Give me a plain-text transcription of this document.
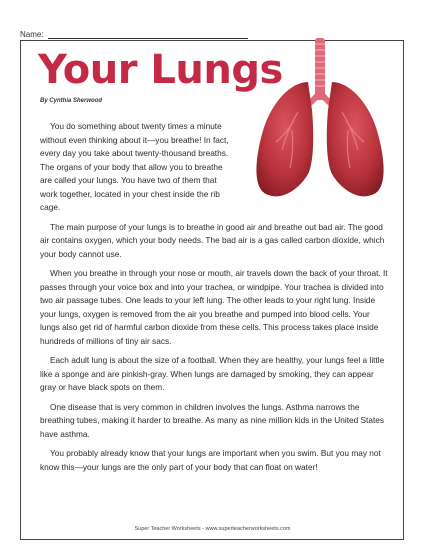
Name:
Your Lungs
By Cynthia Sherwood

You do something about twenty times a minute without even thinking about it—you breathe! In fact, every day you take about twenty-thousand breaths. The organs of your body that allow you to breathe are called your lungs. You have two of them that work together, located in your chest inside the rib cage.

The main purpose of your lungs is to breathe in good air and breathe out bad air. The good air contains oxygen, which your body needs. The bad air is a gas called carbon dioxide, which your body cannot use.

When you breathe in through your nose or mouth, air travels down the back of your throat. It passes through your voice box and into your trachea, or windpipe. Your trachea is divided into two air passage tubes. One leads to your left lung. The other leads to your right lung. Inside your lungs, oxygen is removed from the air you breathe and pumped into blood cells. Your lungs also get rid of harmful carbon dioxide from these cells. This process takes place inside hundreds of millions of tiny air sacs.

Each adult lung is about the size of a football. When they are healthy, your lungs feel a little like a sponge and are pinkish-gray. When lungs are damaged by smoking, they can appear gray or have black spots on them.

One disease that is very common in children involves the lungs. Asthma narrows the breathing tubes, making it harder to breathe. As many as nine million kids in the United States have asthma.

You probably already know that your lungs are important when you swim. But you may not know this—your lungs are the only part of your body that can float on water!

Super Teacher Worksheets - www.superteacherworksheets.com
